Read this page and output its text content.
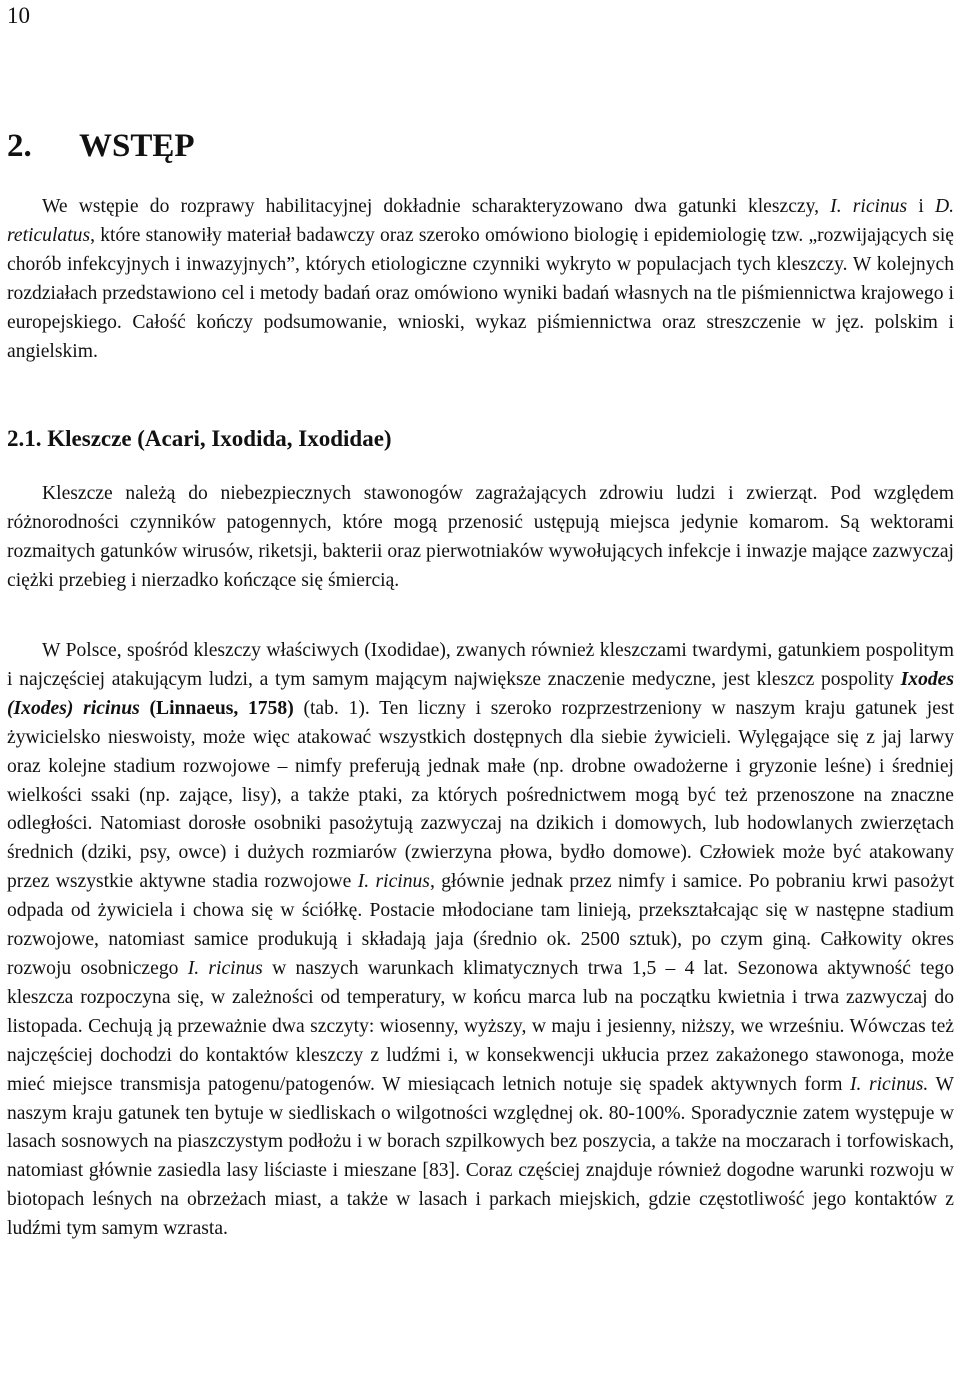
10
2. WSTĘP

We wstępie do rozprawy habilitacyjnej dokładnie scharakteryzowano dwa gatunki kleszczy, I. ricinus i D. reticulatus, które stanowiły materiał badawczy oraz szeroko omówiono biologię i epidemiologię tzw. „rozwijających się chorób infekcyjnych i inwazyjnych”, których etiologiczne czynniki wykryto w populacjach tych kleszczy. W kolejnych rozdziałach przedstawiono cel i metody badań oraz omówiono wyniki badań własnych na tle piśmiennictwa krajowego i europejskiego. Całość kończy podsumowanie, wnioski, wykaz piśmiennictwa oraz streszczenie w jęz. polskim i angielskim.

2.1. Kleszcze (Acari, Ixodida, Ixodidae)

Kleszcze należą do niebezpiecznych stawonogów zagrażających zdrowiu ludzi i zwierząt. Pod względem różnorodności czynników patogennych, które mogą przenosić ustępują miejsca jedynie komarom. Są wektorami rozmaitych gatunków wirusów, riketsji, bakterii oraz pierwotniaków wywołujących infekcje i inwazje mające zazwyczaj ciężki przebieg i nierzadko kończące się śmiercią.

W Polsce, spośród kleszczy właściwych (Ixodidae), zwanych również kleszczami twardymi, gatunkiem pospolitym i najczęściej atakującym ludzi, a tym samym mającym największe znaczenie medyczne, jest kleszcz pospolity Ixodes (Ixodes) ricinus (Linnaeus, 1758) (tab. 1). Ten liczny i szeroko rozprzestrzeniony w naszym kraju gatunek jest żywicielsko nieswoisty, może więc atakować wszystkich dostępnych dla siebie żywicieli. Wylęgające się z jaj larwy oraz kolejne stadium rozwojowe – nimfy preferują jednak małe (np. drobne owadożerne i gryzonie leśne) i średniej wielkości ssaki (np. zające, lisy), a także ptaki, za których pośrednictwem mogą być też przenoszone na znaczne odległości. Natomiast dorosłe osobniki pasożytują zazwyczaj na dzikich i domowych, lub hodowlanych zwierzętach średnich (dziki, psy, owce) i dużych rozmiarów (zwierzyna płowa, bydło domowe). Człowiek może być atakowany przez wszystkie aktywne stadia rozwojowe I. ricinus, głównie jednak przez nimfy i samice. Po pobraniu krwi pasożyt odpada od żywiciela i chowa się w ściółkę. Postacie młodociane tam linieją, przekształcając się w następne stadium rozwojowe, natomiast samice produkują i składają jaja (średnio ok. 2500 sztuk), po czym giną. Całkowity okres rozwoju osobniczego I. ricinus w naszych warunkach klimatycznych trwa 1,5 – 4 lat. Sezonowa aktywność tego kleszcza rozpoczyna się, w zależności od temperatury, w końcu marca lub na początku kwietnia i trwa zazwyczaj do listopada. Cechują ją przeważnie dwa szczyty: wiosenny, wyższy, w maju i jesienny, niższy, we wrześniu. Wówczas też najczęściej dochodzi do kontaktów kleszczy z ludźmi i, w konsekwencji ukłucia przez zakażonego stawonoga, może mieć miejsce transmisja patogenu/patogenów. W miesiącach letnich notuje się spadek aktywnych form I. ricinus. W naszym kraju gatunek ten bytuje w siedliskach o wilgotności względnej ok. 80-100%. Sporadycznie zatem występuje w lasach sosnowych na piaszczystym podłożu i w borach szpilkowych bez poszycia, a także na moczarach i torfowiskach, natomiast głównie zasiedla lasy liściaste i mieszane [83]. Coraz częściej znajduje również dogodne warunki rozwoju w biotopach leśnych na obrzeżach miast, a także w lasach i parkach miejskich, gdzie częstotliwość jego kontaktów z ludźmi tym samym wzrasta.
